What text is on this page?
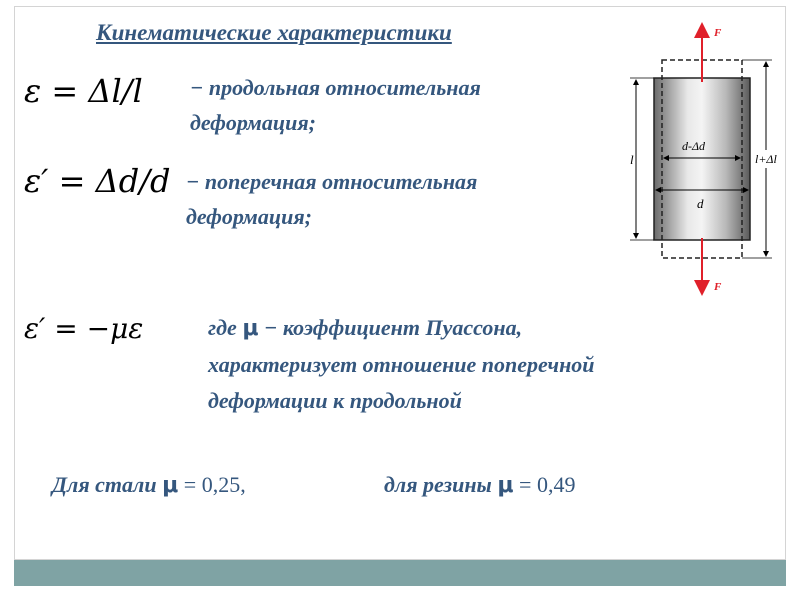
Кинематические характеристики
ε = Δl/l − продольная относительная
деформация;
ε′ = Δd/d − поперечная относительная
деформация;
ε′ = −με	где μ − коэффициент Пуассона,
характеризует отношение поперечной
деформации к продольной
Для стали μ = 0,25,	для резины μ = 0,49
F
F
l	l+Δl
d-Δd
d
